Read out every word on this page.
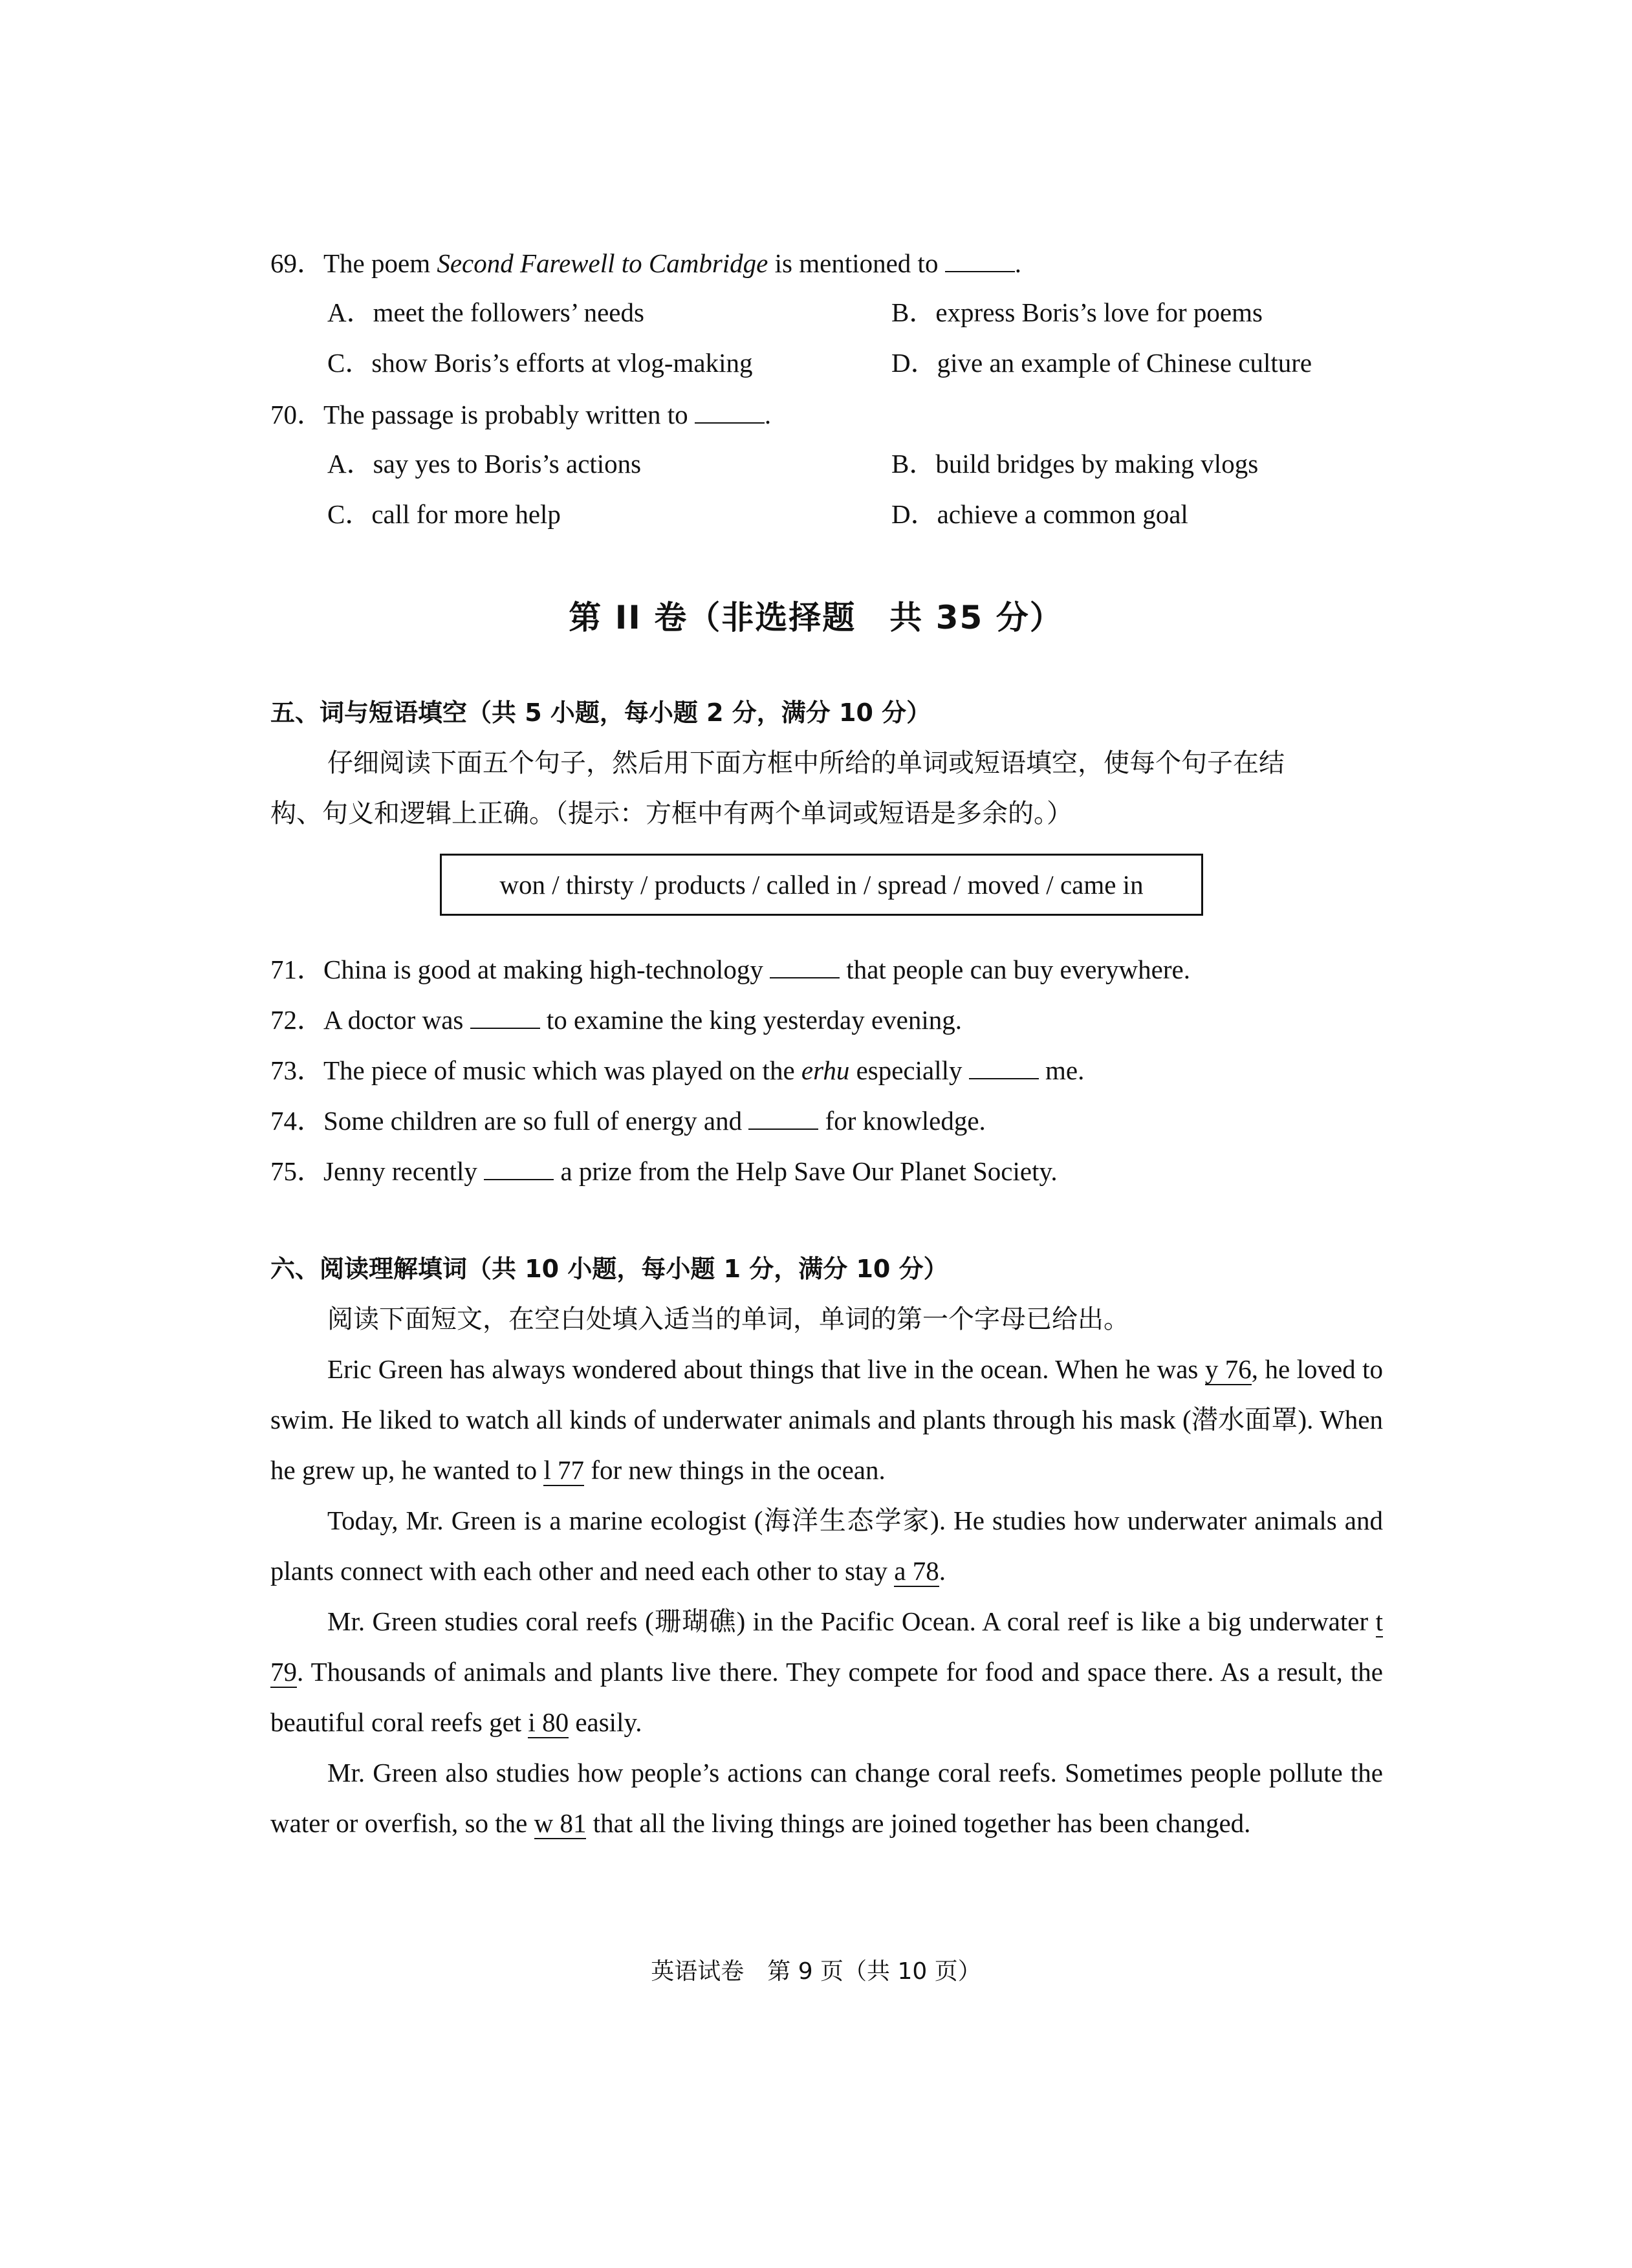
69．The poem Second Farewell to Cambridge is mentioned to	.
A．meet the followers’ needs	B．express Boris’s love for poems
C．show Boris’s efforts at vlog-making	D．give an example of Chinese culture
70．The passage is probably written to	.
A．say yes to Boris’s actions	B．build bridges by making vlogs
C．call for more help	D．achieve a common goal
第 II 卷（非选择题　共 35 分）
五、词与短语填空（共 5 小题，每小题 2 分，满分 10 分）
仔细阅读下面五个句子，然后用下面方框中所给的单词或短语填空，使每个句子在结
构、句义和逻辑上正确。（提示：方框中有两个单词或短语是多余的。）
won / thirsty / products / called in / spread / moved / came in
71．China is good at making high-technology	that people can buy everywhere.
72．A doctor was	to examine the king yesterday evening.
73．The piece of music which was played on the erhu especially	me.
74．Some children are so full of energy and	for knowledge.
75．Jenny recently	a prize from the Help Save Our Planet Society.
六、阅读理解填词（共 10 小题，每小题 1 分，满分 10 分）
阅读下面短文，在空白处填入适当的单词，单词的第一个字母已给出。
Eric Green has always wondered about things that live in the ocean. When he was y 76, he loved to swim. He liked to watch all kinds of underwater animals and plants through his mask (潜水面罩). When he grew up, he wanted to l 77 for new things in the ocean.
Today, Mr. Green is a marine ecologist (海洋生态学家). He studies how underwater animals and plants connect with each other and need each other to stay a 78.
Mr. Green studies coral reefs (珊瑚礁) in the Pacific Ocean. A coral reef is like a big underwater t 79. Thousands of animals and plants live there. They compete for food and space there. As a result, the beautiful coral reefs get i 80 easily.
Mr. Green also studies how people’s actions can change coral reefs. Sometimes people pollute the water or overfish, so the w 81 that all the living things are joined together has been changed.
英语试卷　第 9 页（共 10 页）
